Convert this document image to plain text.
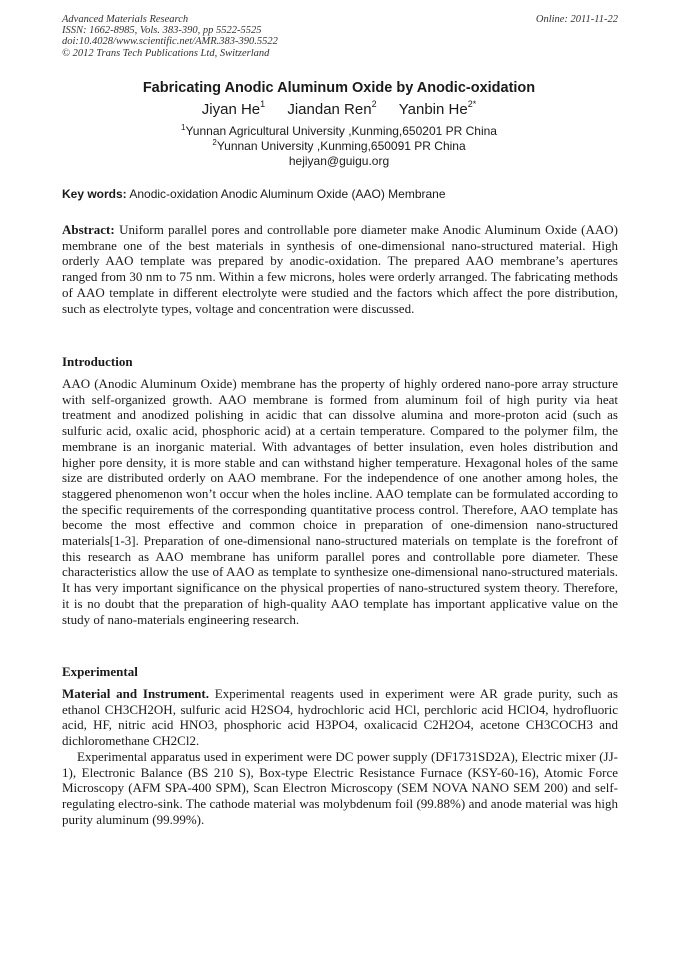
Advanced Materials Research
ISSN: 1662-8985, Vols. 383-390, pp 5522-5525
doi:10.4028/www.scientific.net/AMR.383-390.5522
© 2012 Trans Tech Publications Ltd, Switzerland
Online: 2011-11-22
Fabricating Anodic Aluminum Oxide by Anodic-oxidation
Jiyan He$^1$ Jiandan Ren$^2$ Yanbin $He^{2*}$
$^1$Yunnan Agricultural University ,Kunming,650201 PR China
$^2$Yunnan University ,Kunming,650091 PR China
hejiyan@guigu.org
Key words: Anodic-oxidation Anodic Aluminum Oxide (AAO) Membrane
Abstract: Uniform parallel pores and controllable pore diameter make Anodic Aluminum Oxide (AAO) membrane one of the best materials in synthesis of one-dimensional nano-structured material. High orderly AAO template was prepared by anodic-oxidation. The prepared AAO membrane’s apertures ranged from 30 nm to 75 nm. Within a few microns, holes were orderly arranged. The fabricating methods of AAO template in different electrolyte were studied and the factors which affect the pore distribution, such as electrolyte types, voltage and concentration were discussed.
Introduction
AAO (Anodic Aluminum Oxide) membrane has the property of highly ordered nano-pore array structure with self-organized growth. AAO membrane is formed from aluminum foil of high purity via heat treatment and anodized polishing in acidic that can dissolve alumina and more-proton acid (such as sulfuric acid, oxalic acid, phosphoric acid) at a certain temperature. Compared to the polymer film, the membrane is an inorganic material. With advantages of better insulation, even holes distribution and higher pore density, it is more stable and can withstand higher temperature. Hexagonal holes of the same size are distributed orderly on AAO membrane. For the independence of one another among holes, the staggered phenomenon won’t occur when the holes incline. AAO template can be formulated according to the specific requirements of the corresponding quantitative process control. Therefore, AAO template has become the most effective and common choice in preparation of one-dimension nano-structured materials[1-3]. Preparation of one-dimensional nano-structured materials on template is the forefront of this research as AAO membrane has uniform parallel pores and controllable pore diameter. These characteristics allow the use of AAO as template to synthesize one-dimensional nano-structured materials. It has very important significance on the physical properties of nano-structured system theory. Therefore, it is no doubt that the preparation of high-quality AAO template has important applicative value on the study of nano-materials engineering research.
Experimental
Material and Instrument. Experimental reagents used in experiment were AR grade purity, such as ethanol CH3CH2OH, sulfuric acid H2SO4, hydrochloric acid HCl, perchloric acid HClO4, hydrofluoric acid, HF, nitric acid HNO3, phosphoric acid H3PO4, oxalicacid C2H2O4, acetone CH3COCH3 and dichloromethane CH2Cl2.
Experimental apparatus used in experiment were DC power supply (DF1731SD2A), Electric mixer (JJ-1), Electronic Balance (BS 210 S), Box-type Electric Resistance Furnace (KSY-60-16), Atomic Force Microscopy (AFM SPA-400 SPM), Scan Electron Microscopy (SEM NOVA NANO SEM 200) and self-regulating electro-sink. The cathode material was molybdenum foil (99.88%) and anode material was high purity aluminum (99.99%).
